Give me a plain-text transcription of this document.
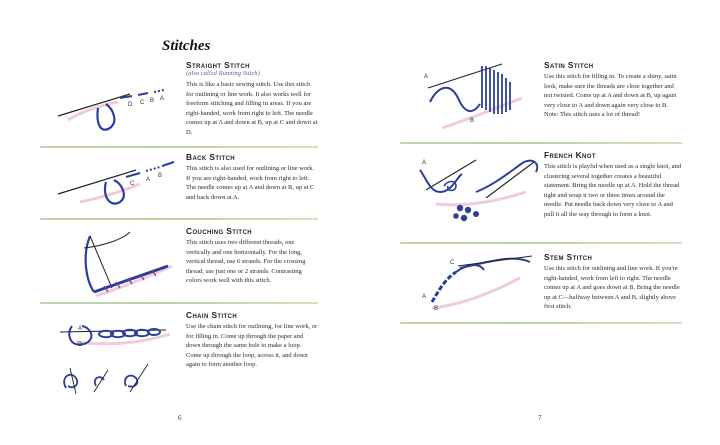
Stitches
D C B A

Straight Stitch

(also called Running Stitch)

This is like a basic sewing stitch. Use this stitch for outlining or line work. It also works well for freeform stitching and filling in areas. If you are right-handed, work from right to left. The needle comes up at A and down at B, up at C and down at D.

C
A
B

Back Stitch

This stitch is also used for outlining or line work. If you are right-handed, work from right to left. The needle comes up at A and down at B, up at C and back down at A.

Couching Stitch

This stitch uses two different threads, one vertically and one horizontally. For the long, vertical thread, use 6 strands. For the crossing thread, use just one or 2 strands. Contrasting colors work well with this stitch.

A
B

Chain Stitch

Use the chain stitch for outlining, for line work, or for filling in. Come up through the paper and down through the same hole to make a loop. Come up through the loop, across it, and down again to form another loop.

6
A
B

Satin Stitch

Use this stitch for filling in. To create a shiny, satin look, make sure the threads are close together and not twisted. Come up at A and down at B, up again very close to A and down again very close to B. Note: This stitch uses a lot of thread!

A

French Knot

This stitch is playful when used as a single knot, and clustering several together creates a beautiful statement. Bring the needle up at A. Hold the thread tight and wrap it two or three times around the needle. Put needle back down very close to A and pull it all the way through to form a knot.

A
B
C

Stem Stitch

Use this stitch for outlining and line work. If you're right-handed, work from left to right. The needle comes up at A and goes down at B. Bring the needle up at C—halfway between A and B, slightly above first stitch.

7
